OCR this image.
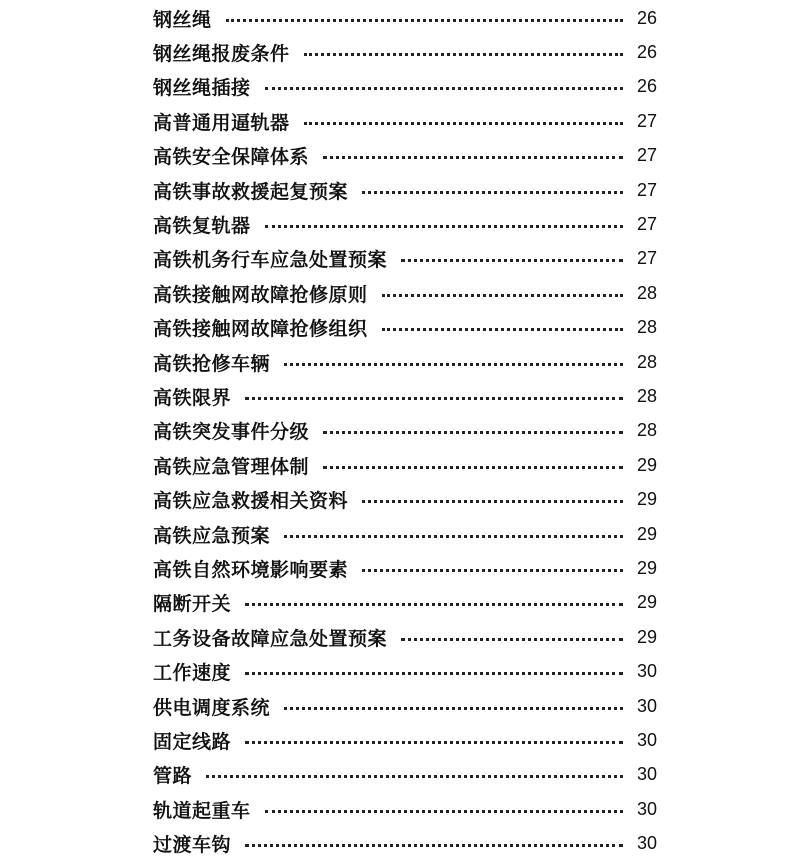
钢丝绳	26
钢丝绳报废条件	26
钢丝绳插接	26
高普通用逼轨器	27
高铁安全保障体系	27
高铁事故救援起复预案	27
高铁复轨器	27
高铁机务行车应急处置预案	27
高铁接触网故障抢修原则	28
高铁接触网故障抢修组织	28
高铁抢修车辆	28
高铁限界	28
高铁突发事件分级	28
高铁应急管理体制	29
高铁应急救援相关资料	29
高铁应急预案	29
高铁自然环境影响要素	29
隔断开关	29
工务设备故障应急处置预案	29
工作速度	30
供电调度系统	30
固定线路	30
管路	30
轨道起重车	30
过渡车钩	30
